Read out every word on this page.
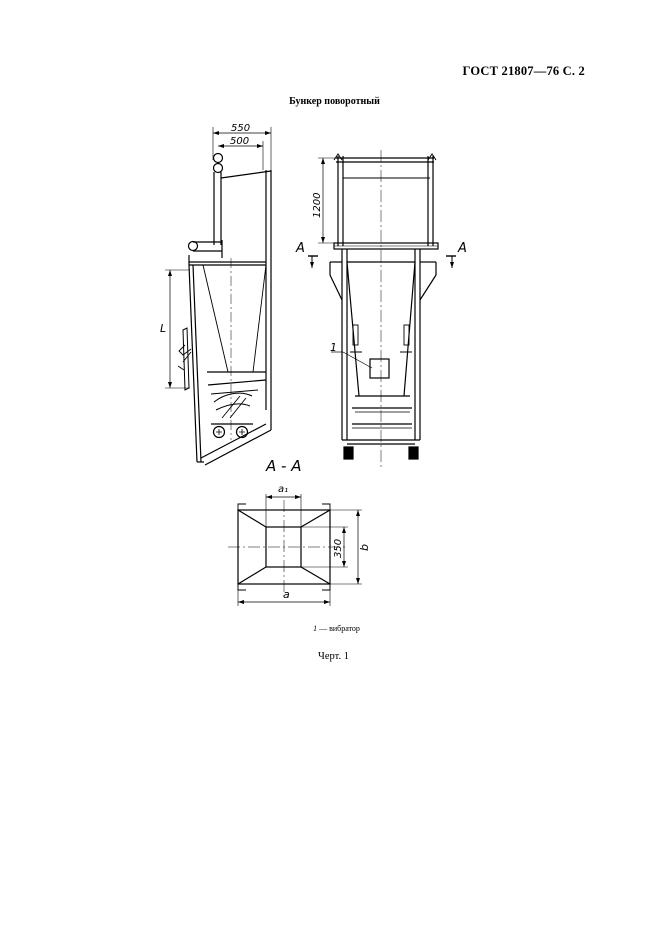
ГОСТ 21807—76 С. 2
Бункер поворотный
550
500
L
1200
A	A
1
A - A
a₁
a
350 b
1 — вибратор
Черт. 1
